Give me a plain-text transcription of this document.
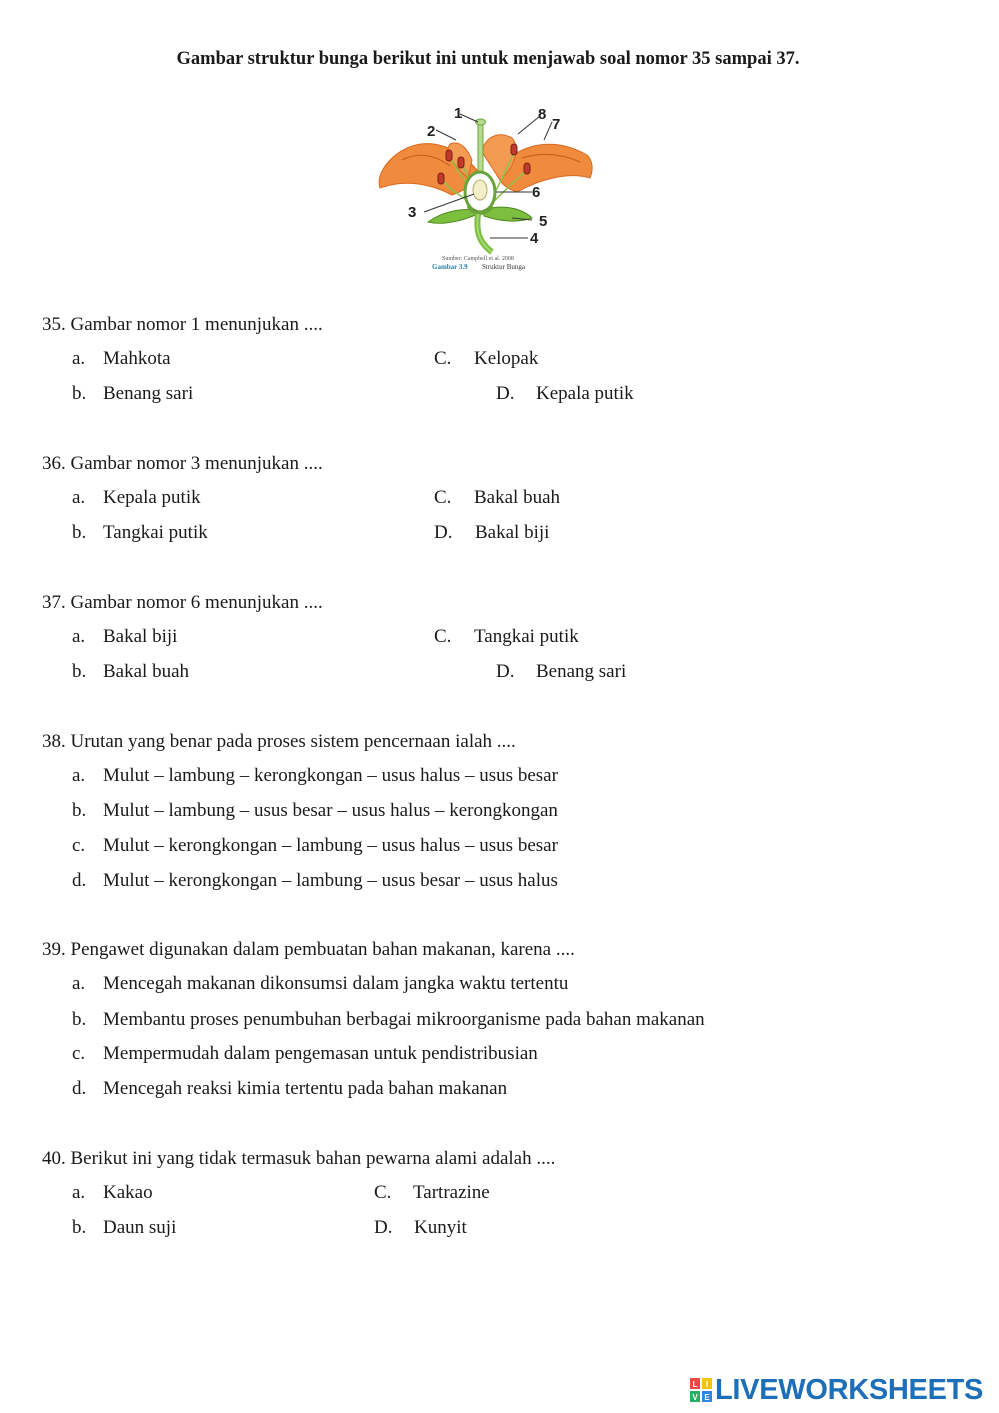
Gambar struktur bunga berikut ini untuk menjawab soal nomor 35 sampai 37.
1
2
3
4
5
6
7
8
Sumber: Campbell et al. 2008
Gambar 3.9 Struktur Bunga
35. Gambar nomor 1 menunjukan ....
a. Mahkota	C. Kelopak
b. Benang sari	D. Kepala putik
36. Gambar nomor 3 menunjukan ....
a. Kepala putik	C. Bakal buah
b. Tangkai putik	D. Bakal biji
37. Gambar nomor 6 menunjukan ....
a. Bakal biji	C. Tangkai putik
b. Bakal buah	D. Benang sari
38. Urutan yang benar pada proses sistem pencernaan ialah ....
a. Mulut – lambung – kerongkongan – usus halus – usus besar
b. Mulut – lambung – usus besar – usus halus – kerongkongan
c. Mulut – kerongkongan – lambung – usus halus – usus besar
d. Mulut – kerongkongan – lambung – usus besar – usus halus
39. Pengawet digunakan dalam pembuatan bahan makanan, karena ....
a. Mencegah makanan dikonsumsi dalam jangka waktu tertentu
b. Membantu proses penumbuhan berbagai mikroorganisme pada bahan makanan
c. Mempermudah dalam pengemasan untuk pendistribusian
d. Mencegah reaksi kimia tertentu pada bahan makanan
40. Berikut ini yang tidak termasuk bahan pewarna alami adalah ....
a. Kakao	C. Tartrazine
b. Daun suji	D. Kunyit
L I
V E LIVEWORKSHEETS
